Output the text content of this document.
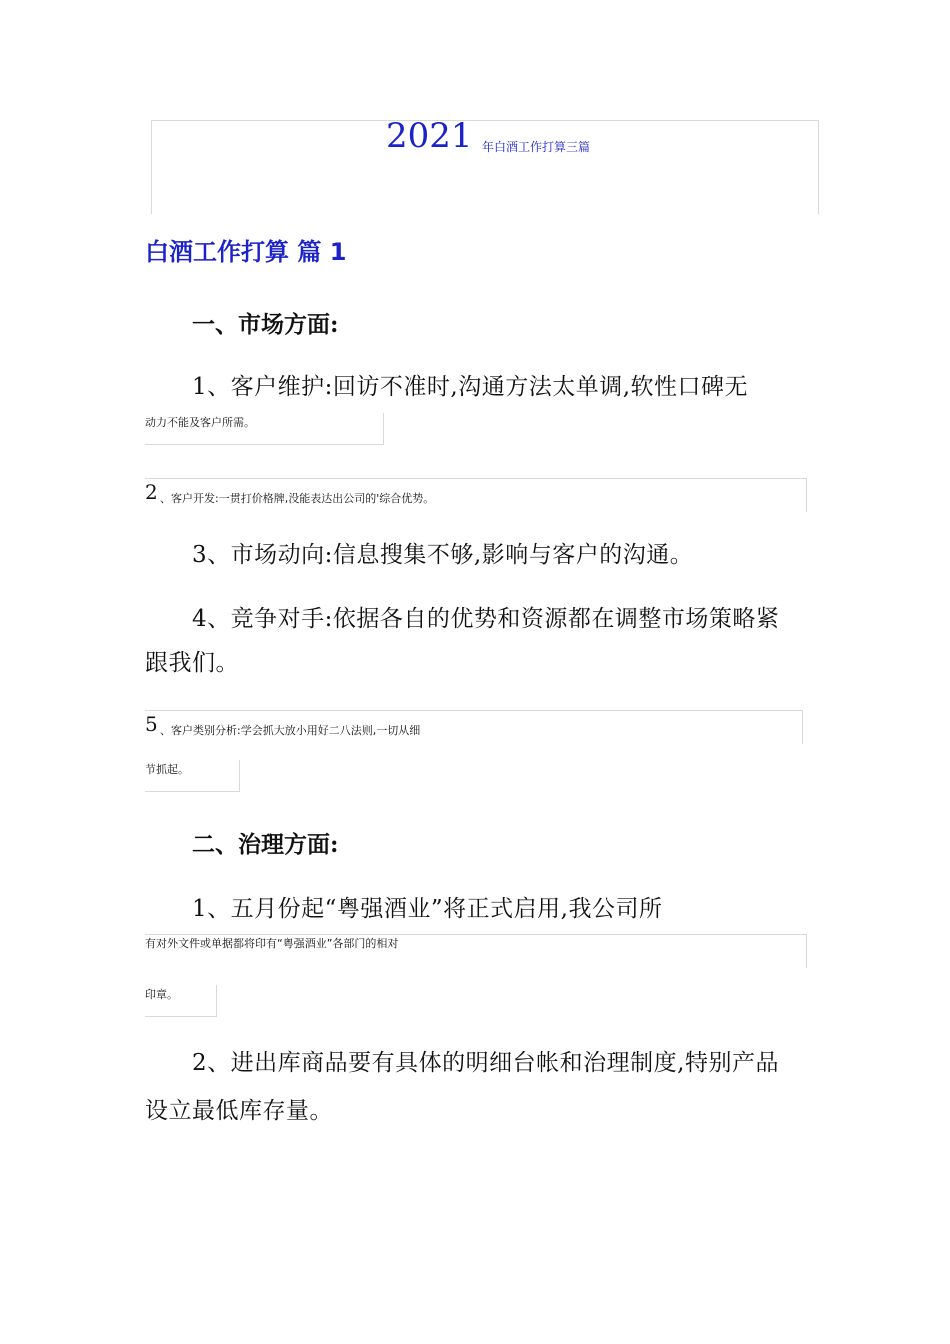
2021 年白酒工作打算三篇
白酒工作打算 篇 1
一、市场方面:
1、客户维护:回访不准时,沟通方法太单调,软性口碑无
动力不能及客户所需。
2 、客户开发:一贯打价格牌,没能表达出公司的'综合优势。
3、市场动向:信息搜集不够,影响与客户的沟通。
4、竞争对手:依据各自的优势和资源都在调整市场策略紧
跟我们。
5 、客户类别分析:学会抓大放小用好二八法则,一切从细
节抓起。
二、治理方面:
1、五月份起“粤强酒业”将正式启用,我公司所
有对外文件或单据都将印有“粤强酒业”各部门的相对
印章。
2、进出库商品要有具体的明细台帐和治理制度,特别产品
设立最低库存量。
